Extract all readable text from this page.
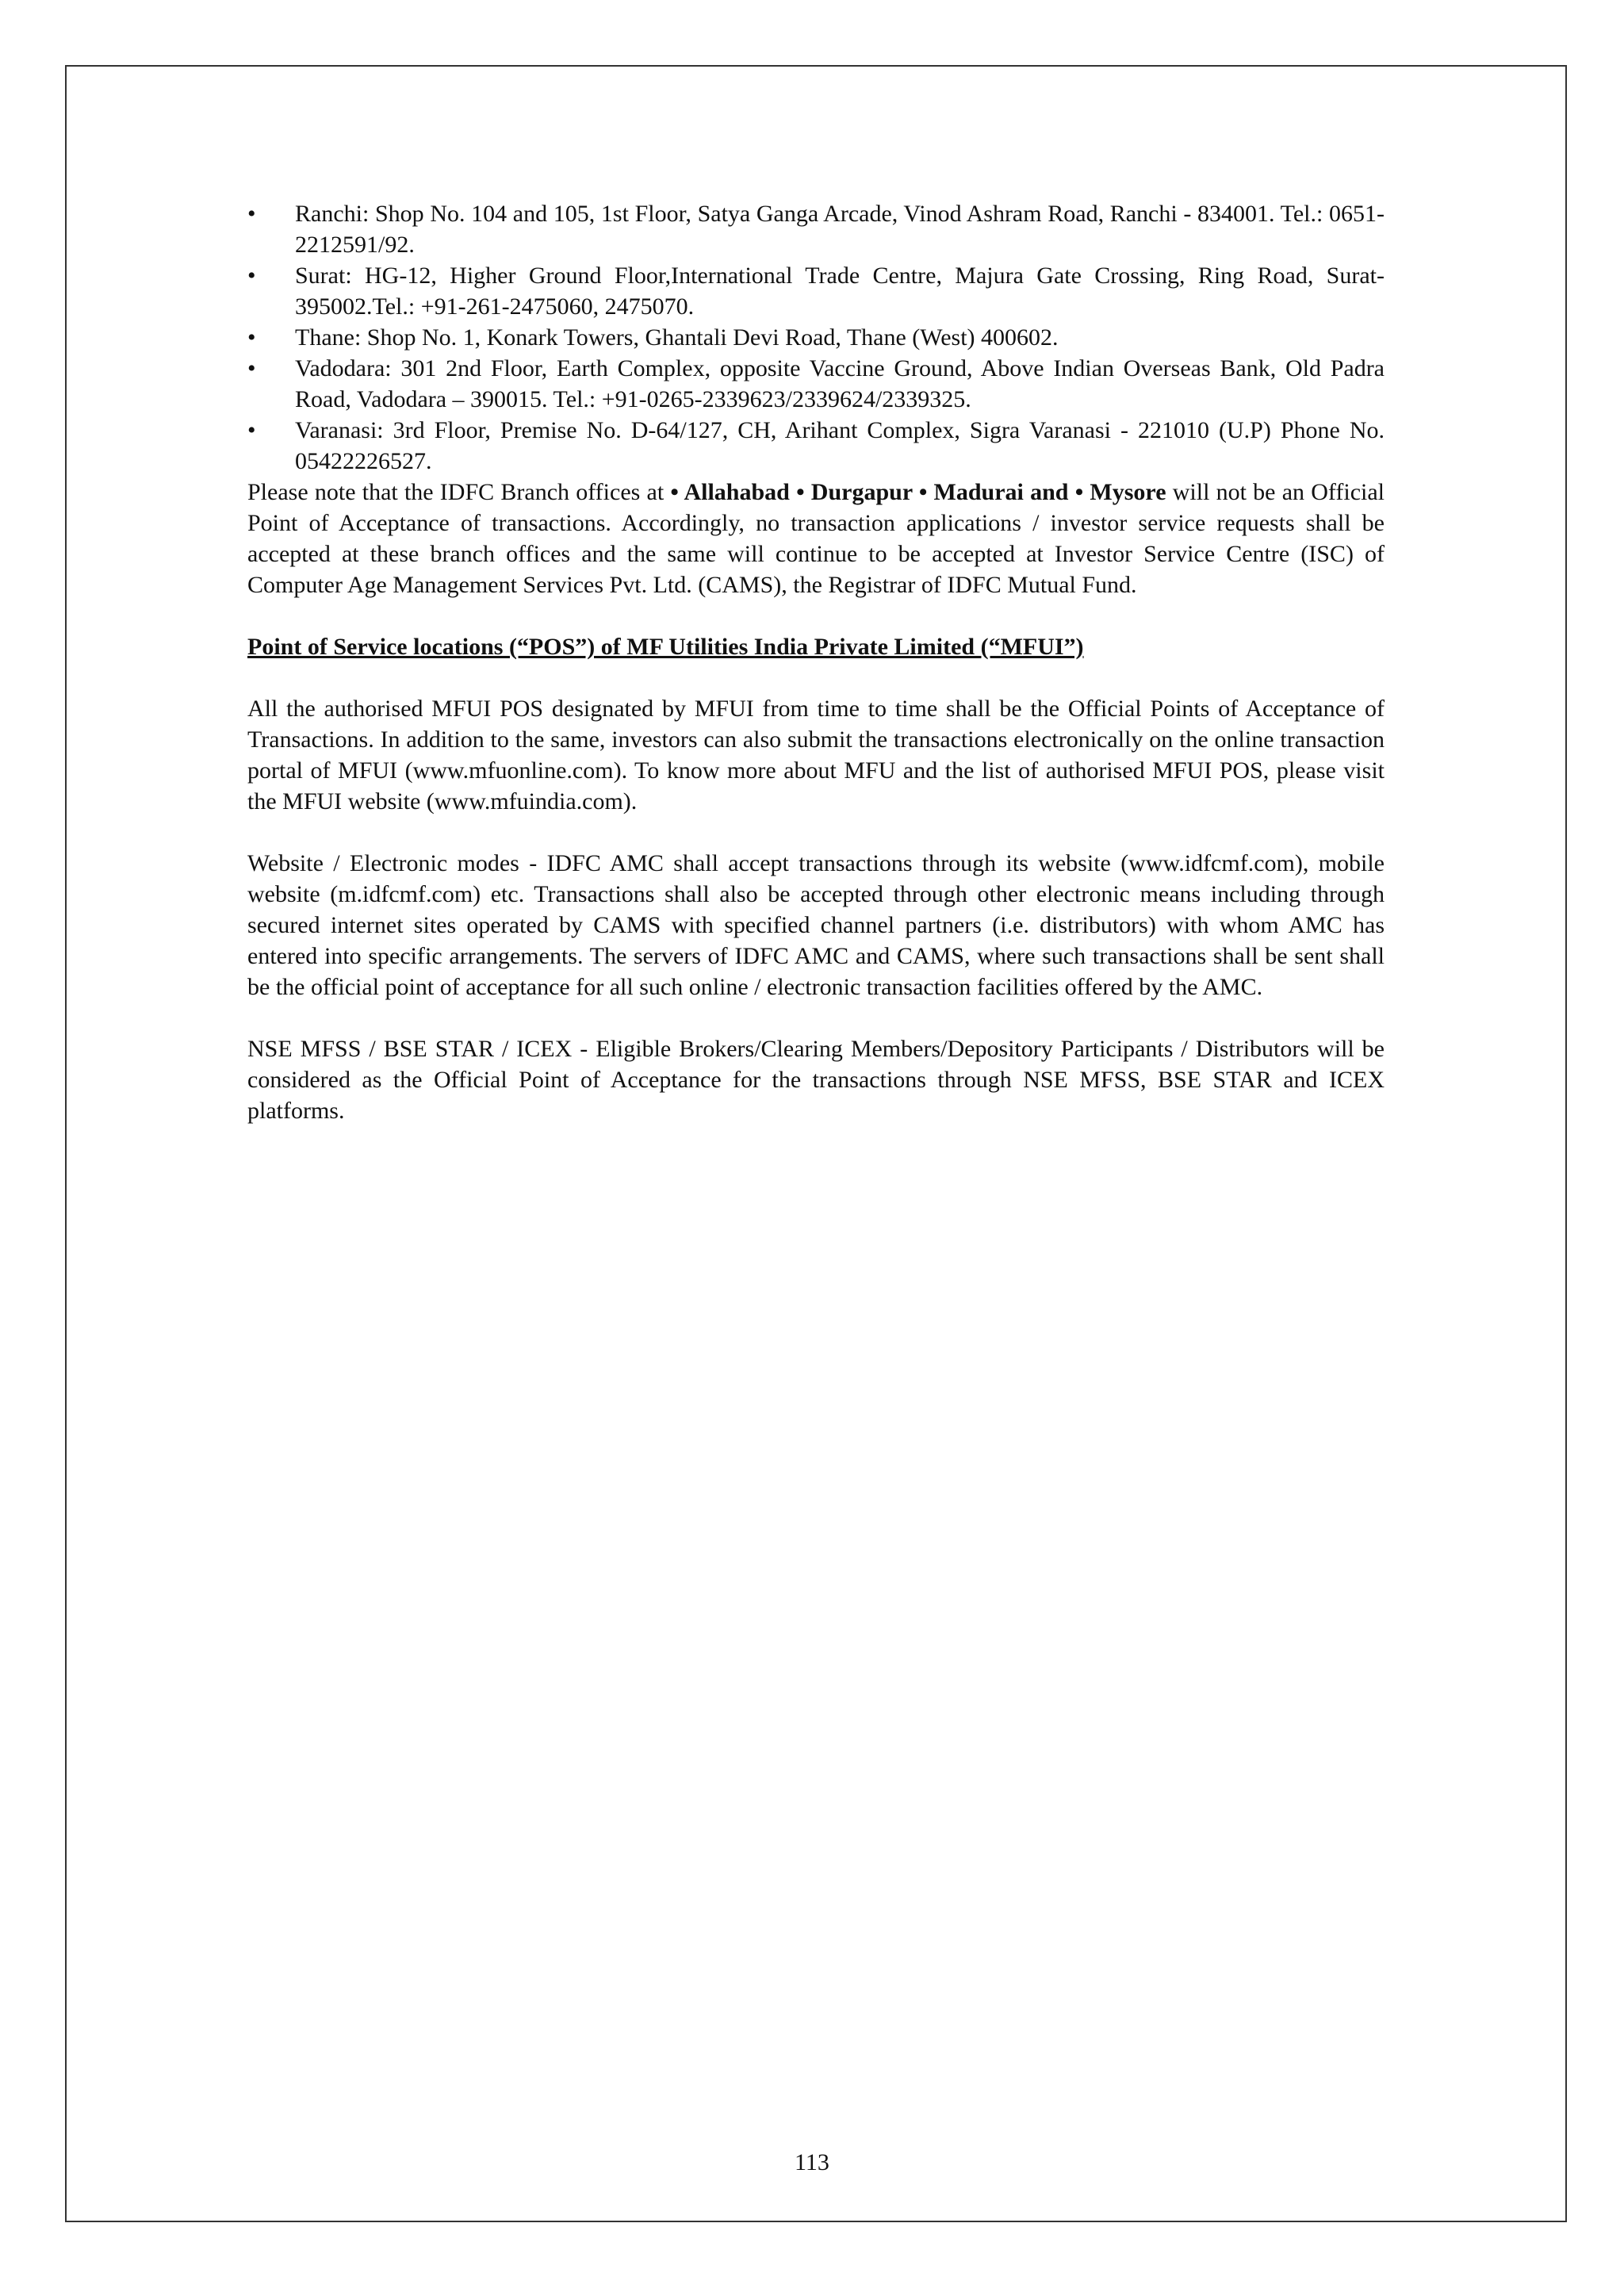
• Ranchi: Shop No. 104 and 105, 1st Floor, Satya Ganga Arcade, Vinod Ashram Road, Ranchi - 834001. Tel.: 0651-2212591/92.
• Surat: HG-12, Higher Ground Floor,International Trade Centre, Majura Gate Crossing, Ring Road, Surat- 395002.Tel.: +91-261-2475060, 2475070.
• Thane: Shop No. 1, Konark Towers, Ghantali Devi Road, Thane (West) 400602.
• Vadodara: 301 2nd Floor, Earth Complex, opposite Vaccine Ground, Above Indian Overseas Bank, Old Padra Road, Vadodara – 390015. Tel.: +91-0265-2339623/2339624/2339325.
• Varanasi: 3rd Floor, Premise No. D-64/127, CH, Arihant Complex, Sigra Varanasi - 221010 (U.P) Phone No. 05422226527.

Please note that the IDFC Branch offices at • Allahabad • Durgapur • Madurai and • Mysore will not be an Official Point of Acceptance of transactions. Accordingly, no transaction applications / investor service requests shall be accepted at these branch offices and the same will continue to be accepted at Investor Service Centre (ISC) of Computer Age Management Services Pvt. Ltd. (CAMS), the Registrar of IDFC Mutual Fund.

Point of Service locations (“POS”) of MF Utilities India Private Limited (“MFUI”)

All the authorised MFUI POS designated by MFUI from time to time shall be the Official Points of Acceptance of Transactions. In addition to the same, investors can also submit the transactions electronically on the online transaction portal of MFUI (www.mfuonline.com). To know more about MFU and the list of authorised MFUI POS, please visit the MFUI website (www.mfuindia.com).

Website / Electronic modes - IDFC AMC shall accept transactions through its website (www.idfcmf.com), mobile website (m.idfcmf.com) etc. Transactions shall also be accepted through other electronic means including through secured internet sites operated by CAMS with specified channel partners (i.e. distributors) with whom AMC has entered into specific arrangements. The servers of IDFC AMC and CAMS, where such transactions shall be sent shall be the official point of acceptance for all such online / electronic transaction facilities offered by the AMC.

NSE MFSS / BSE STAR / ICEX - Eligible Brokers/Clearing Members/Depository Participants / Distributors will be considered as the Official Point of Acceptance for the transactions through NSE MFSS, BSE STAR and ICEX platforms.

113
